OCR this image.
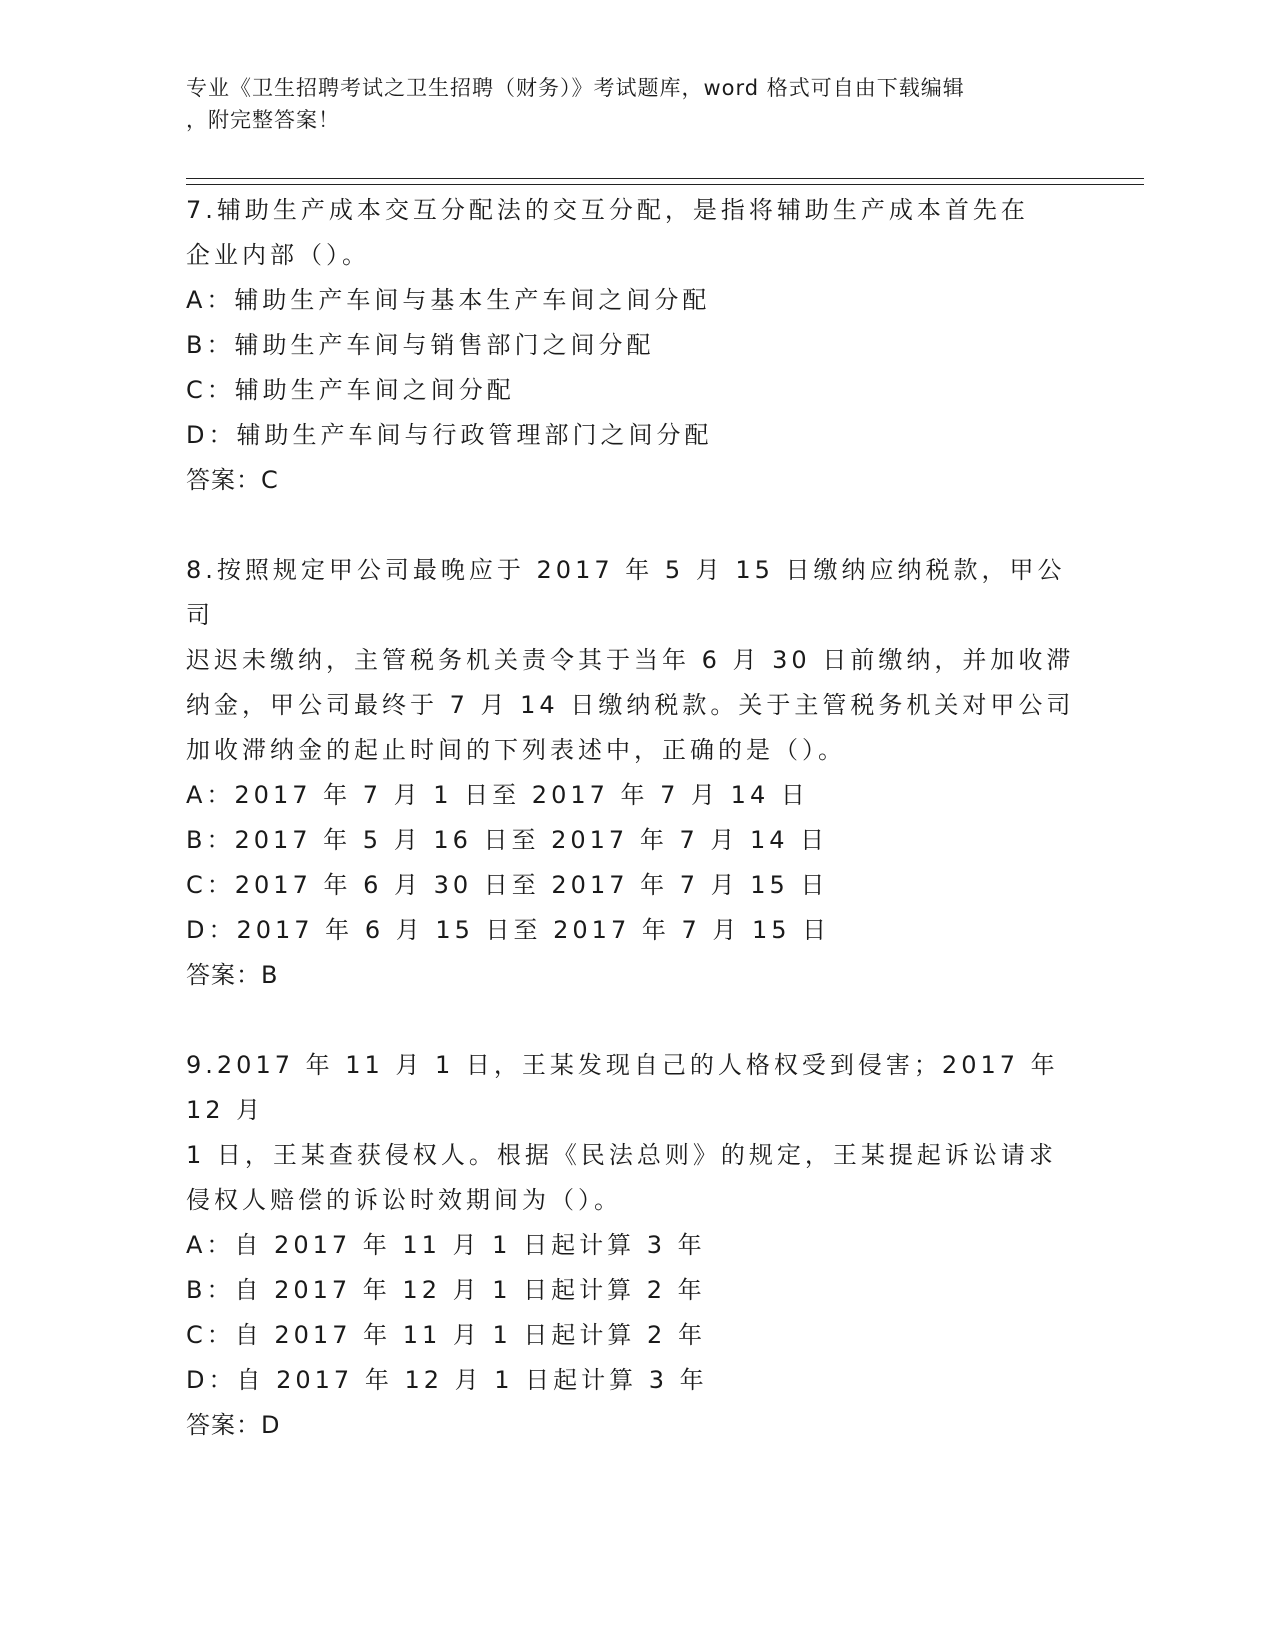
专业《卫生招聘考试之卫生招聘（财务）》考试题库，word 格式可自由下载编辑
，附完整答案！

7.辅助生产成本交互分配法的交互分配，是指将辅助生产成本首先在

企业内部（）。

A：辅助生产车间与基本生产车间之间分配

B：辅助生产车间与销售部门之间分配

C：辅助生产车间之间分配

D：辅助生产车间与行政管理部门之间分配

答案：C

8.按照规定甲公司最晚应于 2017 年 5 月 15 日缴纳应纳税款，甲公司

迟迟未缴纳，主管税务机关责令其于当年 6 月 30 日前缴纳，并加收滞

纳金，甲公司最终于 7 月 14 日缴纳税款。关于主管税务机关对甲公司

加收滞纳金的起止时间的下列表述中，正确的是（）。

A：2017 年 7 月 1 日至 2017 年 7 月 14 日

B：2017 年 5 月 16 日至 2017 年 7 月 14 日

C：2017 年 6 月 30 日至 2017 年 7 月 15 日

D：2017 年 6 月 15 日至 2017 年 7 月 15 日

答案：B

9.2017 年 11 月 1 日，王某发现自己的人格权受到侵害；2017 年 12 月

1 日，王某查获侵权人。根据《民法总则》的规定，王某提起诉讼请求

侵权人赔偿的诉讼时效期间为（）。

A：自 2017 年 11 月 1 日起计算 3 年

B：自 2017 年 12 月 1 日起计算 2 年

C：自 2017 年 11 月 1 日起计算 2 年

D：自 2017 年 12 月 1 日起计算 3 年

答案：D
